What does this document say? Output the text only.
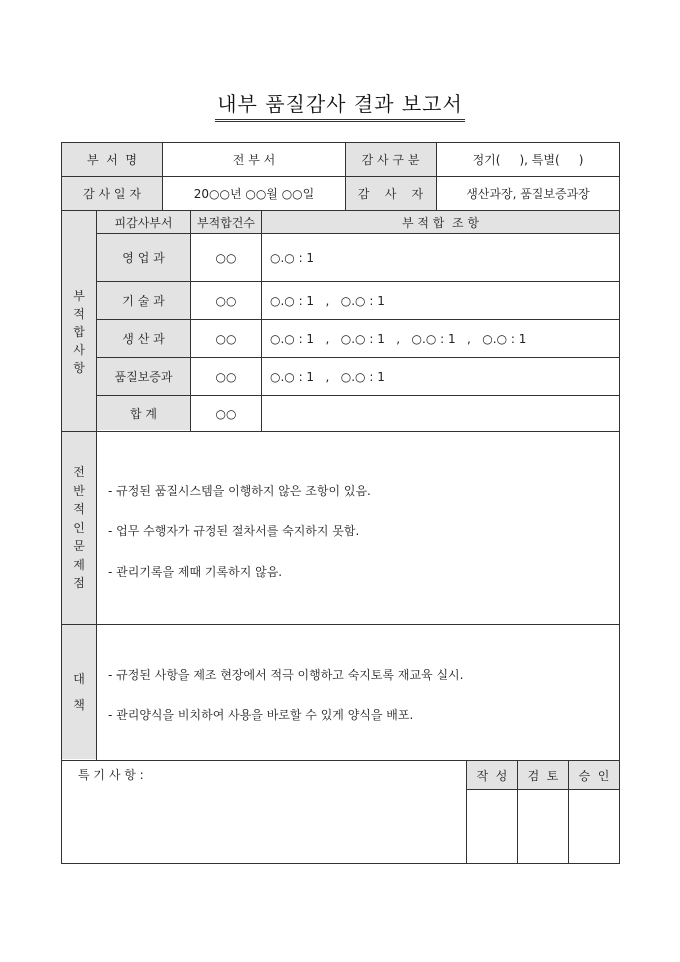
내부 품질감사 결과 보고서
부  서  명	전 부 서	감 사 구 분	정기(     ), 특별(     )
감 사 일 자	20○○년 ○○월 ○○일	감    사    자	생산과장, 품질보증과장
부
적
합
사
항
피감사부서	부적합건수	부 적 합  조 항
영 업 과	○○	○.○ : 1
기 술 과	○○	○.○ : 1   ,   ○.○ : 1
생 산 과	○○	○.○ : 1   ,   ○.○ : 1   ,   ○.○ : 1   ,   ○.○ : 1
품질보증과	○○	○.○ : 1   ,   ○.○ : 1
합 계	○○
전
반
적
인
문
제
점
- 규정된 품질시스템을 이행하지 않은 조항이 있음.
- 업무 수행자가 규정된 절차서를 숙지하지 못함.
- 관리기록을 제때 기록하지 않음.
대
책
- 규정된 사항을 제조 현장에서 적극 이행하고 숙지토록 재교육 실시.
- 관리양식을 비치하여 사용을 바로할 수 있게 양식을 배포.
특 기 사 항 :	작  성	검  토	승  인
